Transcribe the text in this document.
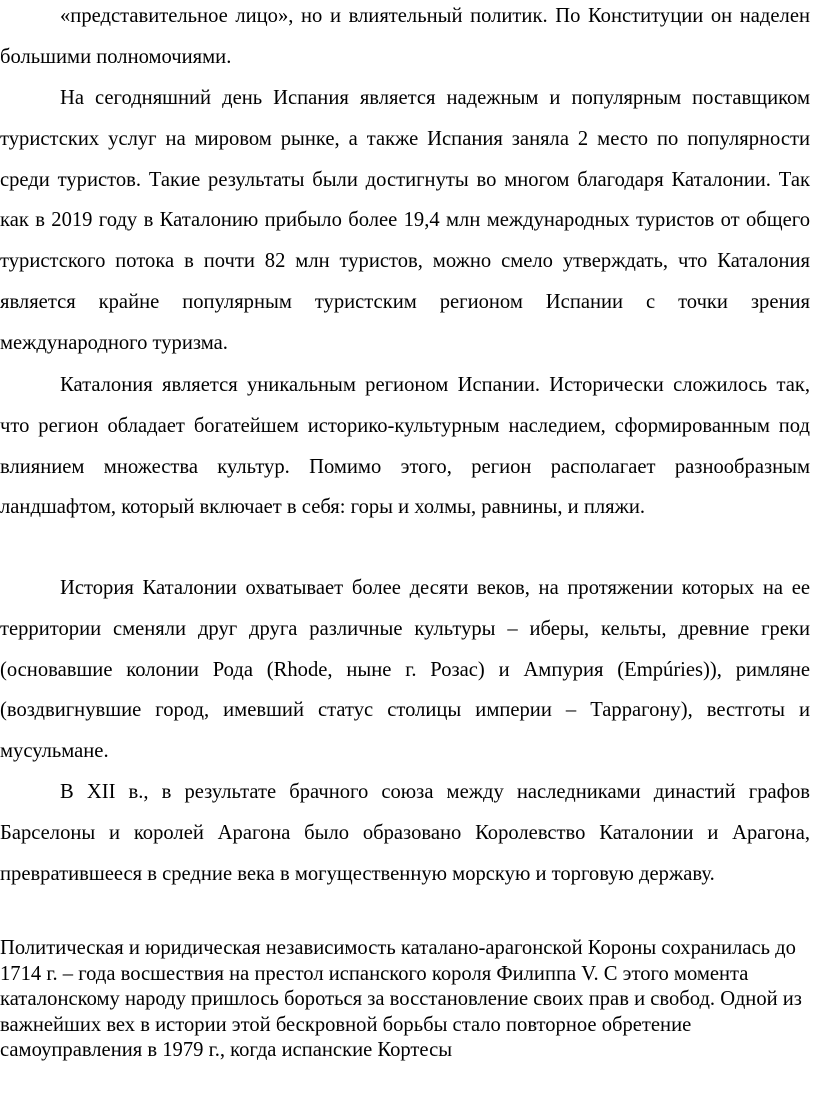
«представительное лицо», но и влиятельный политик. По Конституции он наделен большими полномочиями.

На сегодняшний день Испания является надежным и популярным поставщиком туристских услуг на мировом рынке, а также Испания заняла 2 место по популярности среди туристов. Такие результаты были достигнуты во многом благодаря Каталонии. Так как в 2019 году в Каталонию прибыло более 19,4 млн международных туристов от общего туристского потока в почти 82 млн туристов, можно смело утверждать, что Каталония является крайне популярным туристским регионом Испании с точки зрения международного туризма.

Каталония является уникальным регионом Испании. Исторически сложилось так, что регион обладает богатейшем историко-культурным наследием, сформированным под влиянием множества культур. Помимо этого, регион располагает разнообразным ландшафтом, который включает в себя: горы и холмы, равнины, и пляжи.

История Каталонии охватывает более десяти веков, на протяжении которых на ее территории сменяли друг друга различные культуры – иберы, кельты, древние греки (основавшие колонии Рода (Rhode, ныне г. Розас) и Ампурия (Empúries)), римляне (воздвигнувшие город, имевший статус столицы империи – Таррагону), вестготы и мусульмане.

В XII в., в результате брачного союза между наследниками династий графов Барселоны и королей Арагона было образовано Королевство Каталонии и Арагона, превратившееся в средние века в могущественную морскую и торговую державу.

Политическая и юридическая независимость каталано-арагонской Короны сохранилась до 1714 г. – года восшествия на престол испанского короля Филиппа V. С этого момента каталонскому народу пришлось бороться за восстановление своих прав и свобод. Одной из важнейших вех в истории этой бескровной борьбы стало повторное обретение самоуправления в 1979 г., когда испанские Кортесы
